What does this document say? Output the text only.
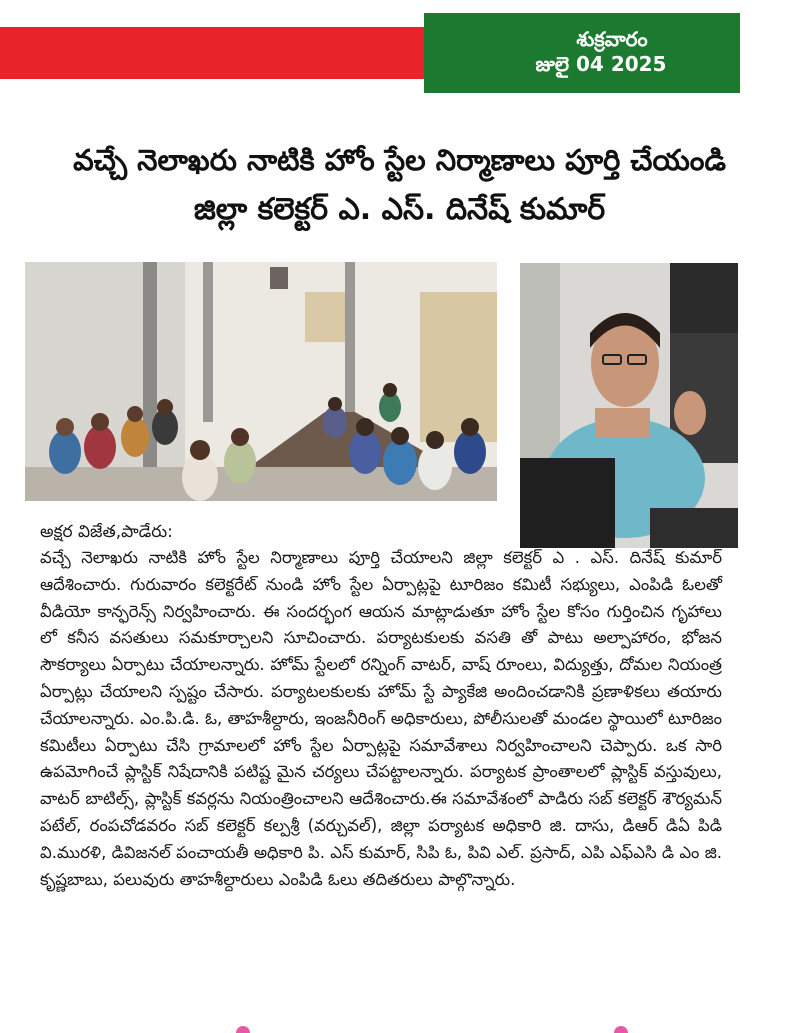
శుక్రవారం
జులై 04 2025
వచ్చే నెలాఖరు నాటికి హోం స్టేల నిర్మాణాలు పూర్తి చేయండి
జిల్లా కలెక్టర్ ఎ. ఎస్. దినేష్ కుమార్
అక్షర విజేత,పాడేరు:

వచ్చే నెలాఖరు నాటికి హోం స్టేల నిర్మాణాలు పూర్తి చేయాలని జిల్లా కలెక్టర్ ఎ . ఎస్. దినేష్ కుమార్ ఆదేశించారు. గురువారం కలెక్టరేట్ నుండి హోం స్టేల ఏర్పాట్లపై టూరిజం కమిటీ సభ్యులు, ఎంపిడి ఓలతో వీడియో కాన్ఫరెన్స్ నిర్వహించారు. ఈ సందర్భంగ ఆయన మాట్లాడుతూ హోం స్టేల కోసం గుర్తించిన గృహాలు లో కనీస వసతులు సమకూర్చాలని సూచించారు. పర్యాటకులకు వసతి తో పాటు అల్పాహారం, భోజన సౌకర్యాలు ఏర్పాటు చేయాలన్నారు. హోమ్ స్టేలలో రన్నింగ్ వాటర్, వాష్ రూంలు, విద్యుత్తు, దోమల నియంత్ర ఏర్పాట్లు చేయాలని స్పష్టం చేసారు. పర్యాటలకులకు హోమ్ స్టే ప్యాకేజి అందించడానికి ప్రణాళికలు తయారు చేయాలన్నారు. ఎం.పి.డి. ఓ, తాహశీల్దారు, ఇంజనీరింగ్ అధికారులు, పోలీసులతో మండల స్థాయిలో టూరిజం కమిటీలు ఏర్పాటు చేసి గ్రామాలలో హోం స్టేల ఏర్పాట్లపై సమావేశాలు నిర్వహించాలని చెప్పారు. ఒక సారి ఉపమోగించే ప్లాస్టిక్ నిషేదానికి పటిష్ట మైన చర్యలు చేపట్టాలన్నారు. పర్యాటక ప్రాంతాలలో ప్లాస్టిక్ వస్తువులు, వాటర్ బాటిల్స్, ప్లాస్టిక్ కవర్లను నియంత్రించాలని ఆదేశించారు.ఈ సమావేశంలో పాడిరు సబ్ కలెక్టర్ శౌర్యమన్ పటేల్, రంపచోడవరం సబ్ కలెక్టర్ కల్పశ్రీ (వర్చువల్), జిల్లా పర్యాటక అధికారి జి. దాసు, డిఆర్ డిఏ పిడి వి.మురళి, డివిజనల్ పంచాయతీ అధికారి పి. ఎస్ కుమార్, సిపి ఓ, పివి ఎల్. ప్రసాద్, ఎపి ఎఫ్ఎసి డి ఎం జి. కృష్ణబాబు, పలువురు తాహశీల్దారులు ఎంపిడి ఓలు తదితరులు పాల్గొన్నారు.
